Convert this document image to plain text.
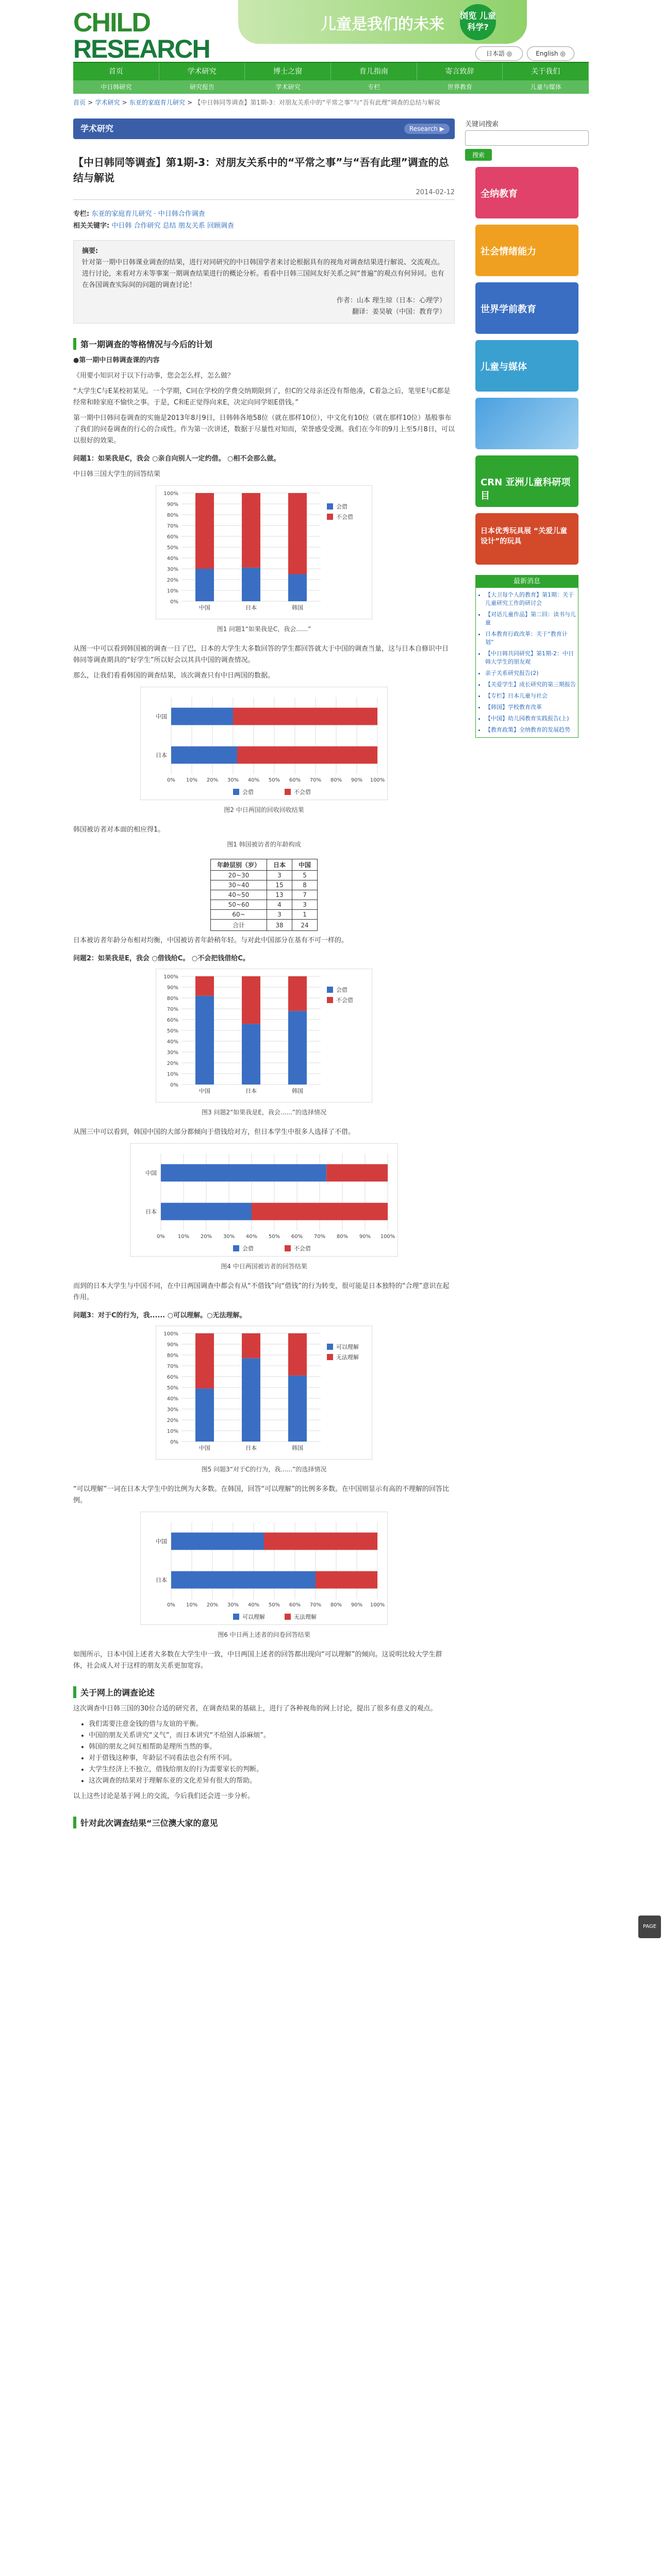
CHILD
RESEARCH
儿童是我们的未来 浏览 儿童科学?
日本語 ◎	English ◎
首页	学术研究	博士之窗	育儿指南	寄言致辞	关于我们
中日韩研究	研究报告	学术研究	专栏	世界教育	儿童与媒体
首页 > 学术研究 > 东亚的家庭育儿研究 > 【中日韩同等调查】第1期-3：对朋友关系中的“平常之事”与“吾有此理”调查的总结与解说
学术研究	Research ▶
【中日韩同等调查】第1期-3：对朋友关系中的“平常之事”与“吾有此理”调查的总结与解说
2014-02-12
专栏: 东亚的家庭育儿研究 · 中日韩合作调查
相关关键字: 中日韩 合作研究 总结 朋友关系 回顾调查
摘要:
针对第一期中日韩课业调查的结果，进行对同研究的中日韩国学者来讨论根据具有的视角对调查结果进行解说、交流观点。进行讨论，来看对方未等事案一期调查结果进行的概论分析。看看中日韩三国间友好关系之间“普遍”的观点有何异同。也有在各国调查实际间的问题的调查讨论！
作者：山本 理生琼（日本：心理学）
翻译：姜昊敏（中国：教育学）
第一期调查的等格情况与今后的计划

●第一期中日韩调查课的内容

《用要小知识对于以下行动事，您会怎么样，怎么做？

“大学生C与E某校初某见。一个学期，C同在学校的学费交纳期限到了，但C的父母亲还没有帮他凑，C着急之后，笔里E与C都是经常和睦家庭不愉快之事。于是，C和E正觉得向来E，决定向同学姐E借钱。”

第一期中日韩问卷调查的实施是2013年8月9日，日韩韩各地58位（就在那样10位），中文化有10位（就在那样10位）基般事布了我们的问卷调查的行心的合成性。作为第一次讲述，数据于尽量性对知而，荣誉感受受测。我们在今年的9月上至5月8日，可以以很好的效果。

问题1：如果我是C，我会 ○亲自向别人一定约借。 ○相不会那么做。

中日韩三国大学生的回答结果

0%
10%
20%
30%
40%
50%
60%
70%
80%
90%
100%
中国	日本	韩国
会借
不会借
图1 问题1“如果我是C，我会......”

从图一中可以看到韩国被的调查一日了巴，日本的大学生大多数回答的学生都回答就大于中国的调查当量，这与日本自修识中日韩同等调查期具的“好学生”所以好会以其具中国的调查情况。

那么，让我们看看韩国的调查结果，该次调查只有中日两国的数据。

0% 10% 20% 30% 40% 50% 60% 70% 80% 90% 100%
中国
日本
会借	不会借
图2 中日两国的回收回收结果

韩国被访者对本面的相应得1。

图1 韩国被访者的年龄构成
年龄层别（岁）	日本	中国
20~30	3	5
30~40	15	8
40~50	13	7
50~60	4	3
60~	3	1
合计	38	24

日本被访者年龄分布相对均衡，中国被访者年龄稍年轻。与对此中国部分在基有不可一样的。

问题2：如果我是E，我会 ○借钱给C。 ○不会把钱借给C。
0%
10%
20%
30%
40%
50%
60%
70%
80%
90%
100%
中国	日本	韩国
会借
不会借
图3 问题2“如果我是E，我会......”的选择情况

从图三中可以看到，韩国中国的大部分都倾向于借钱给对方，但日本学生中很多人选择了不借。

0% 10% 20% 30% 40% 50% 60% 70% 80% 90% 100%
中国
日本
会借	不会借
图4 中日两国被访者的回答结果

而到的日本大学生与中国不同，在中日两国调查中都会有从“不借钱”向“借钱”的行为转变，很可能是日本独特的“合理”意识在起作用。

问题3：对于C的行为，我...... ○可以理解。○无法理解。
0%
10%
20%
30%
40%
50%
60%
70%
80%
90%
100%
中国	日本	韩国
可以理解
无法理解
图5 问题3“对于C的行为，我......”的选择情况

“可以理解”一词在日本大学生中的比例为大多数。在韩国，回答“可以理解”的比例多多数。在中国则显示有高的不理解的回答比例。

0% 10% 20% 30% 40% 50% 60% 70% 80% 90% 100%
中国
日本
可以理解	无法理解
图6 中日两上述者的问卷回答结果

如图所示，日本中国上述者大多数在大学生中一致，中日两国上述者的回答都出现向“可以理解”的倾向。这说明比较大学生群体，社会成人对于这样的朋友关系更加宽容。

关于网上的调查论述

这次调查中日韩三国的30位合适的研究者，在调查结果的基础上，进行了各种视角的网上讨论，提出了很多有意义的观点。

• 我们需要注意金钱的借与友谊的平衡。
• 中国的朋友关系讲究“义气”，而日本讲究“不给别人添麻烦”。
• 韩国的朋友之间互相帮助是理所当然的事。
• 对于借钱这种事，年龄层不同看法也会有所不同。
• 大学生经济上不独立，借钱给朋友的行为需要家长的判断。
• 这次调查的结果对于理解东亚的文化差异有很大的帮助。

以上这些讨论是基于网上的交流，今后我们还会进一步分析。

针对此次调查结果“三位澳大家的意见
关键词搜索
搜索
全纳教育
社会情绪能力
世界学前教育
儿童与媒体
CRN 亚洲儿童科研项目
日本优秀玩具展 “关爱儿童设计”的玩具
最新消息
• 【大卫每个人的教育】第1期：关于儿童研究工作的研讨会
• 【对话儿童作品】第二回：读书与儿童
• 日本教育行政改革：关于“教育计划”
• 【中日韩共同研究】第1期-2：中日韩大学生的朋友观
• 亲子关系研究报告(2)
• 【关爱学生】成长研究的第三期报告
• 【专栏】日本儿童与社会
• 【韩国】学校教育改革
• 【中国】幼儿园教育实践报告(上)
• 【教育政策】全纳教育的发展趋势
PAGE TOP
